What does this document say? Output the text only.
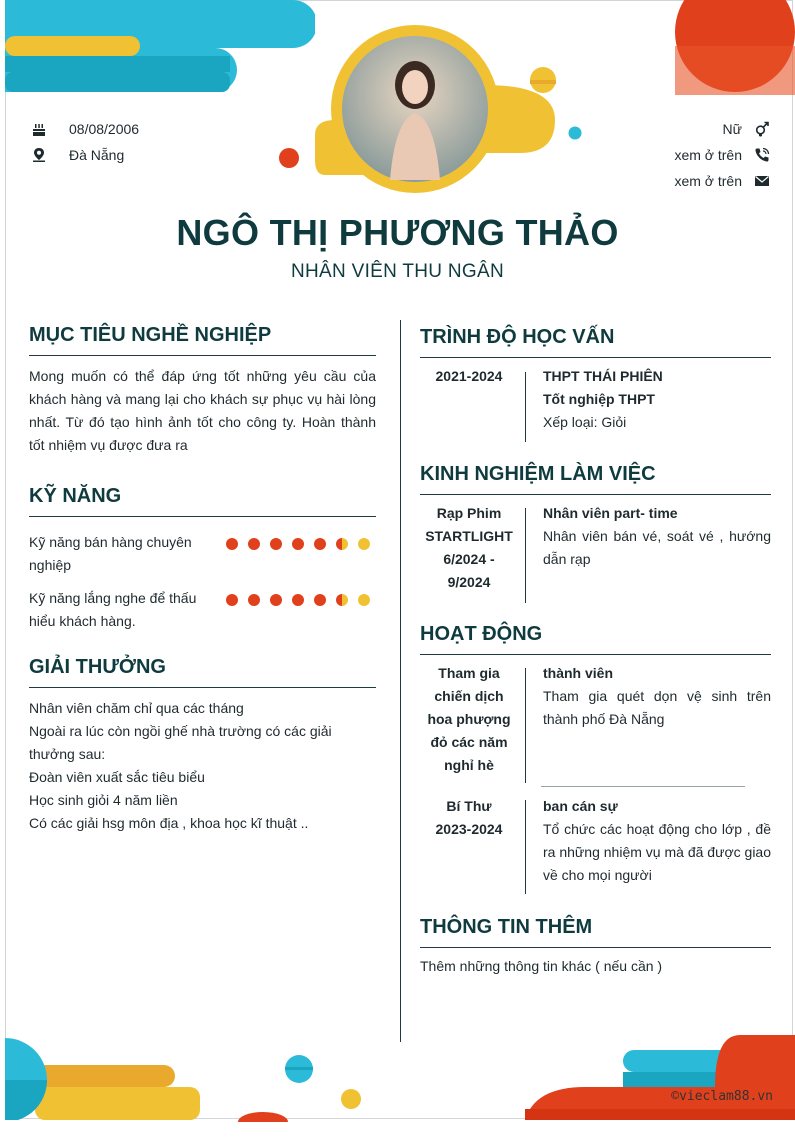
NGÔ THỊ PHƯƠNG THẢO
NHÂN VIÊN THU NGÂN
08/08/2006
Đà Nẵng
Nữ
xem ở trên
xem ở trên
MỤC TIÊU NGHỀ NGHIỆP
Mong muốn có thể đáp ứng tốt những yêu cầu của khách hàng và mang lại cho khách sự phục vụ hài lòng nhất. Từ đó tạo hình ảnh tốt cho công ty. Hoàn thành tốt nhiệm vụ được đưa ra
KỸ NĂNG
Kỹ năng bán hàng chuyên nghiệp
Kỹ năng lắng nghe để thấu hiểu khách hàng.
GIẢI THƯỞNG
Nhân viên chăm chỉ qua các tháng
Ngoài ra lúc còn ngồi ghế nhà trường có các giải thưởng sau:
Đoàn viên xuất sắc tiêu biểu
Học sinh giỏi 4 năm liền
Có các giải hsg môn địa , khoa học kĩ thuật ..
TRÌNH ĐỘ HỌC VẤN
2021-2024	THPT THÁI PHIÊN
Tốt nghiệp THPT
Xếp loại: Giỏi
KINH NGHIỆM LÀM VIỆC
Rạp Phim STARTLIGHT
6/2024 - 9/2024
Nhân viên part- time
Nhân viên bán vé, soát vé , hướng dẫn rạp
HOẠT ĐỘNG
Tham gia chiến dịch hoa phượng đỏ các năm nghỉ hè
thành viên
Tham gia quét dọn vệ sinh trên thành phố Đà Nẵng
Bí Thư
2023-2024
ban cán sự
Tổ chức các hoạt động cho lớp , đề ra những nhiệm vụ mà đã được giao về cho mọi người
THÔNG TIN THÊM
Thêm những thông tin khác ( nếu cần )
©vieclam88.vn
